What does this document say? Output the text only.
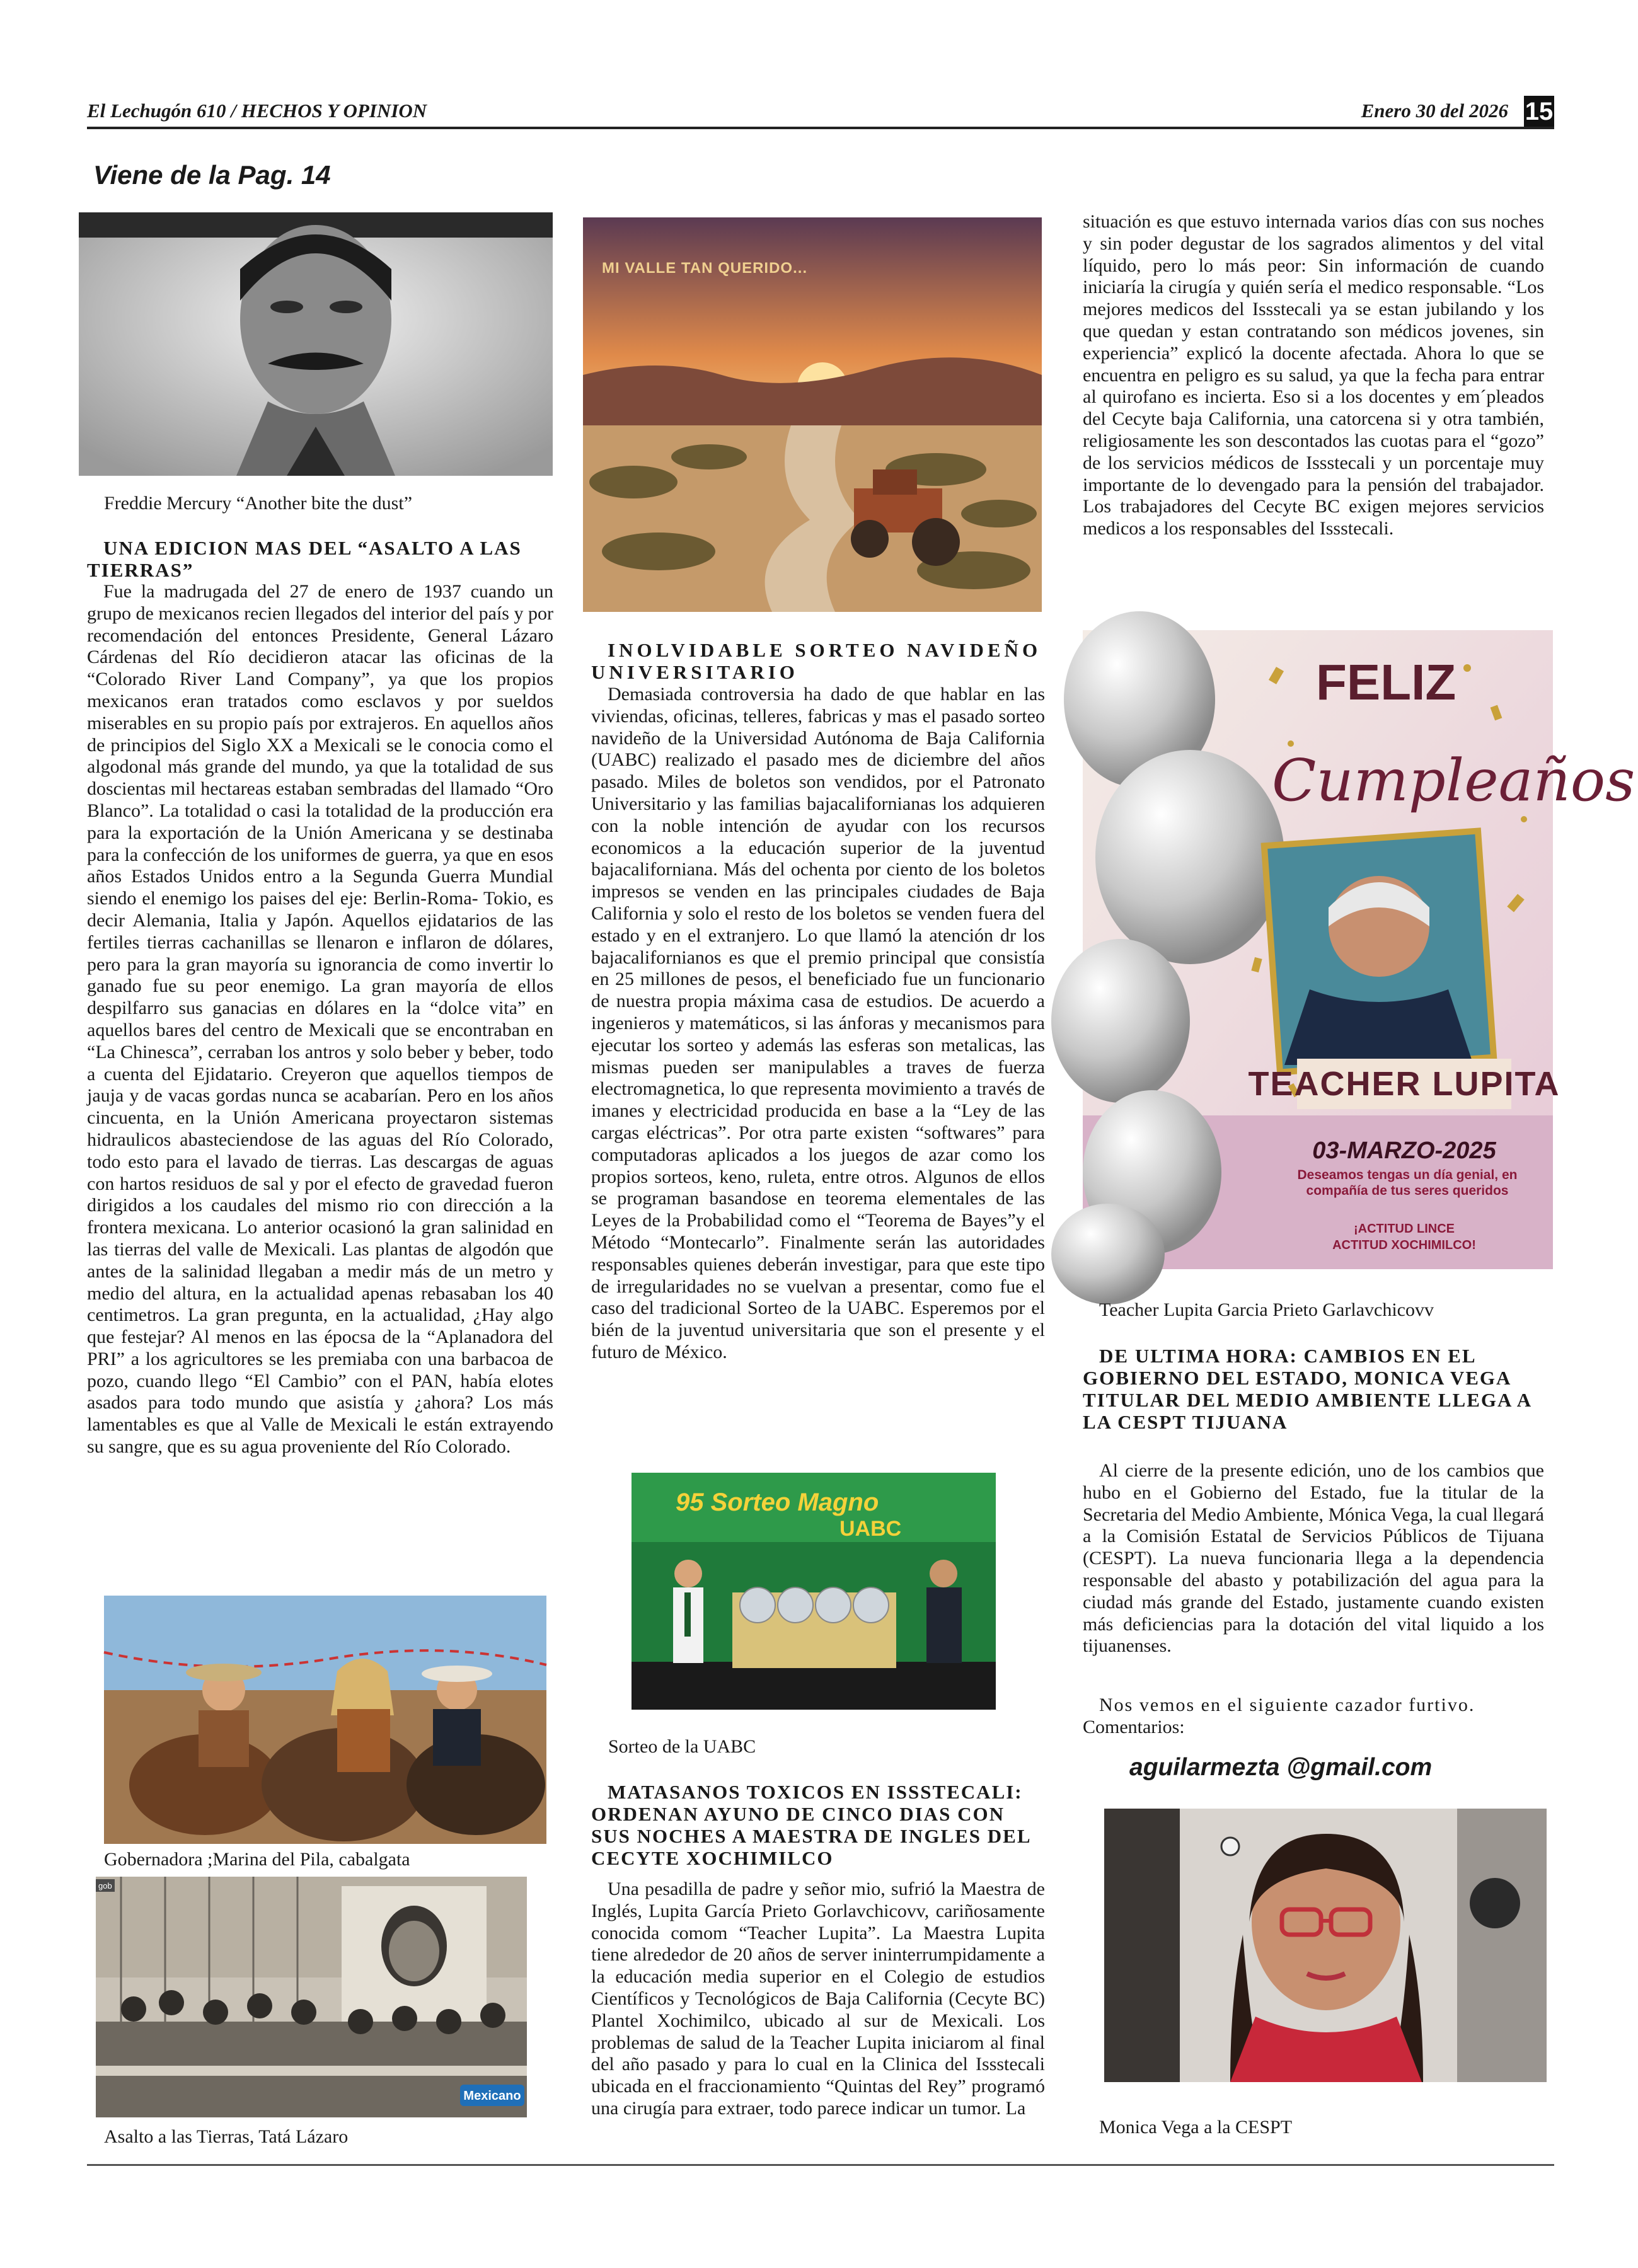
El Lechugón 610 / HECHOS Y OPINION	Enero 30 del 2026 15
Viene de la Pag. 14
Freddie Mercury “Another bite the dust”
UNA EDICION MAS DEL “ASALTO A LAS TIERRAS”
Fue la madrugada del 27 de enero de 1937 cuando un grupo de mexicanos recien llegados del interior del país y por recomendación del entonces Presidente, General Lázaro Cárdenas del Río decidieron atacar las oficinas de la “Colorado River Land Company”, ya que los propios mexicanos eran tratados como esclavos y por sueldos miserables en su propio país por extrajeros. En aquellos años de principios del Siglo XX a Mexicali se le conocia como el algodonal más grande del mundo, ya que la totalidad de sus doscientas mil hectareas estaban sembradas del llamado “Oro Blanco”. La totalidad o casi la totalidad de la producción era para la exportación de la Unión Americana y se destinaba para la confección de los uniformes de guerra, ya que en esos años Estados Unidos entro a la Segunda Guerra Mundial siendo el enemigo los paises del eje: Berlin-Roma- Tokio, es decir Alemania, Italia y Japón. Aquellos ejidatarios de las fertiles tierras cachanillas se llenaron e inflaron de dólares, pero para la gran mayoría su ignorancia de como invertir lo ganado fue su peor enemigo. La gran mayoría de ellos despilfarro sus ganacias en dólares en la “dolce vita” en aquellos bares del centro de Mexicali que se encontraban en “La Chinesca”, cerraban los antros y solo beber y beber, todo a cuenta del Ejidatario. Creyeron que aquellos tiempos de jauja y de vacas gordas nunca se acabarían. Pero en los años cincuenta, en la Unión Americana proyectaron sistemas hidraulicos abasteciendose de las aguas del Río Colorado, todo esto para el lavado de tierras. Las descargas de aguas con hartos residuos de sal y por el efecto de gravedad fueron dirigidos a los caudales del mismo rio con dirección a la frontera mexicana. Lo anterior ocasionó la gran salinidad en las tierras del valle de Mexicali. Las plantas de algodón que antes de la salinidad llegaban a medir más de un metro y medio del altura, en la actualidad apenas rebasaban los 40 centimetros. La gran pregunta, en la actualidad, ¿Hay algo que festejar? Al menos en las épocsa de la “Aplanadora del PRI” a los agricultores se les premiaba con una barbacoa de pozo, cuando llego “El Cambio” con el PAN, había elotes asados para todo mundo que asistía y ¿ahora? Los más lamentables es que al Valle de Mexicali le están extrayendo su sangre, que es su agua proveniente del Río Colorado.
Gobernadora ;Marina del Pila, cabalgata
gob
Mexicano
Asalto a las Tierras, Tatá Lázaro
MI VALLE TAN QUERIDO...
INOLVIDABLE SORTEO NAVIDEÑO UNIVERSITARIO
Demasiada controversia ha dado de que hablar en las viviendas, oficinas, telleres, fabricas y mas el pasado sorteo navideño de la Universidad Autónoma de Baja California (UABC) realizado el pasado mes de diciembre del años pasado. Miles de boletos son vendidos, por el Patronato Universitario y las familias bajacalifornianas los adquieren con la noble intención de ayudar con los recursos economicos a la educación superior de la juventud bajacaliforniana. Más del ochenta por ciento de los boletos impresos se venden en las principales ciudades de Baja California y solo el resto de los boletos se venden fuera del estado y en el extranjero. Lo que llamó la atención dr los bajacalifornianos es que el premio principal que consistía en 25 millones de pesos, el beneficiado fue un funcionario de nuestra propia máxima casa de estudios. De acuerdo a ingenieros y matemáticos, si las ánforas y mecanismos para ejecutar los sorteo y además las esferas son metalicas, las mismas pueden ser manipulables a traves de fuerza electromagnetica, lo que representa movimiento a través de imanes y electricidad producida en base a la “Ley de las cargas eléctricas”. Por otra parte existen “softwares” para computadoras aplicados a los juegos de azar como los propios sorteos, keno, ruleta, entre otros. Algunos de ellos se programan basandose en teorema elementales de las Leyes de la Probabilidad como el “Teorema de Bayes”y el Método “Montecarlo”. Finalmente serán las autoridades responsables quienes deberán investigar, para que este tipo de irregularidades no se vuelvan a presentar, como fue el caso del tradicional Sorteo de la UABC. Esperemos por el bién de la juventud universitaria que son el presente y el futuro de México.
95 Sorteo Magno
UABC
Sorteo de la UABC
MATASANOS TOXICOS EN ISSSTECALI: ORDENAN AYUNO DE CINCO DIAS CON SUS NOCHES A MAESTRA DE INGLES DEL CECYTE XOCHIMILCO
Una pesadilla de padre y señor mio, sufrió la Maestra de Inglés, Lupita García Prieto Gorlavchicovv, cariñosamente conocida comom “Teacher Lupita”. La Maestra Lupita tiene alrededor de 20 años de server ininterrumpidamente a la educación media superior en el Colegio de estudios Científicos y Tecnológicos de Baja California (Cecyte BC) Plantel Xochimilco, ubicado al sur de Mexicali. Los problemas de salud de la Teacher Lupita iniciarom al final del año pasado y para lo cual en la Clinica del Issstecali ubicada en el fraccionamiento “Quintas del Rey” programó una cirugía para extraer, todo parece indicar un tumor. La
situación es que estuvo internada varios días con sus noches y sin poder degustar de los sagrados alimentos y del vital líquido, pero lo más peor: Sin información de cuando iniciaría la cirugía y quién sería el medico responsable. “Los mejores medicos del Issstecali ya se estan jubilando y los que quedan y estan contratando son médicos jovenes, sin experiencia” explicó la docente afectada. Ahora lo que se encuentra en peligro es su salud, ya que la fecha para entrar al quirofano es incierta. Eso si a los docentes y em´pleados del Cecyte baja California, una catorcena si y otra también, religiosamente les son descontados las cuotas para el “gozo” de los servicios médicos de Issstecali y un porcentaje muy importante de lo devengado para la pensión del trabajador. Los trabajadores del Cecyte BC exigen mejores servicios medicos a los responsables del Issstecali.
FELIZ
Cumpleaños
TEACHER LUPITA
03-MARZO-2025
Deseamos tengas un día genial, en compañía de tus seres queridos
¡ACTITUD LINCE
ACTITUD XOCHIMILCO!
Teacher Lupita Garcia Prieto Garlavchicovv
DE ULTIMA HORA: CAMBIOS EN EL GOBIERNO DEL ESTADO, MONICA VEGA TITULAR DEL MEDIO AMBIENTE LLEGA A LA CESPT TIJUANA
Al cierre de la presente edición, uno de los cambios que hubo en el Gobierno del Estado, fue la titular de la Secretaria del Medio Ambiente, Mónica Vega, la cual llegará a la Comisión Estatal de Servicios Públicos de Tijuana (CESPT). La nueva funcionaria llega a la dependencia responsable del abasto y potabilización del agua para la ciudad más grande del Estado, justamente cuando existen más deficiencias para la dotación del vital liquido a los tijuanenses.
Nos vemos en el siguiente cazador furtivo.
Comentarios:
aguilarmezta @gmail.com
Monica Vega a la CESPT
